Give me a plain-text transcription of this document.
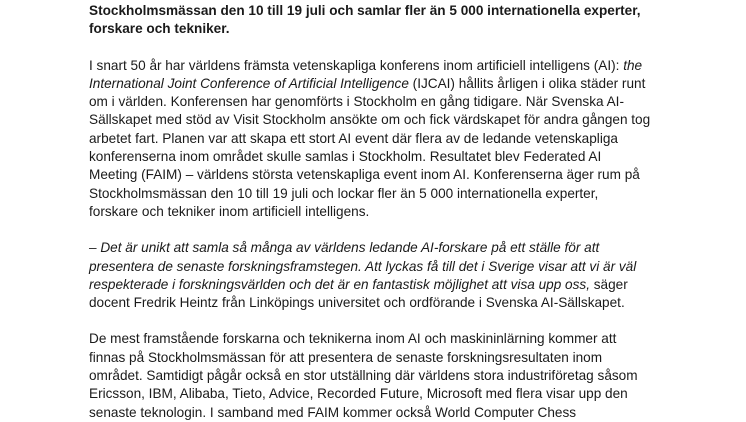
Stockholmsmässan den 10 till 19 juli och samlar fler än 5 000 internationella experter,
forskare och tekniker.

I snart 50 år har världens främsta vetenskapliga konferens inom artificiell intelligens (AI): the
International Joint Conference of Artificial Intelligence (IJCAI) hållits årligen i olika städer runt
om i världen. Konferensen har genomförts i Stockholm en gång tidigare. När Svenska AI-
Sällskapet med stöd av Visit Stockholm ansökte om och fick värdskapet för andra gången tog
arbetet fart. Planen var att skapa ett stort AI event där flera av de ledande vetenskapliga
konferenserna inom området skulle samlas i Stockholm. Resultatet blev Federated AI
Meeting (FAIM) – världens största vetenskapliga event inom AI. Konferenserna äger rum på
Stockholmsmässan den 10 till 19 juli och lockar fler än 5 000 internationella experter,
forskare och tekniker inom artificiell intelligens.

– Det är unikt att samla så många av världens ledande AI-forskare på ett ställe för att
presentera de senaste forskningsframstegen. Att lyckas få till det i Sverige visar att vi är väl
respekterade i forskningsvärlden och det är en fantastisk möjlighet att visa upp oss, säger
docent Fredrik Heintz från Linköpings universitet och ordförande i Svenska AI-Sällskapet.

De mest framstående forskarna och teknikerna inom AI och maskininlärning kommer att
finnas på Stockholmsmässan för att presentera de senaste forskningsresultaten inom
området. Samtidigt pågår också en stor utställning där världens stora industriföretag såsom
Ericsson, IBM, Alibaba, Tieto, Advice, Recorded Future, Microsoft med flera visar upp den
senaste teknologin. I samband med FAIM kommer också World Computer Chess
